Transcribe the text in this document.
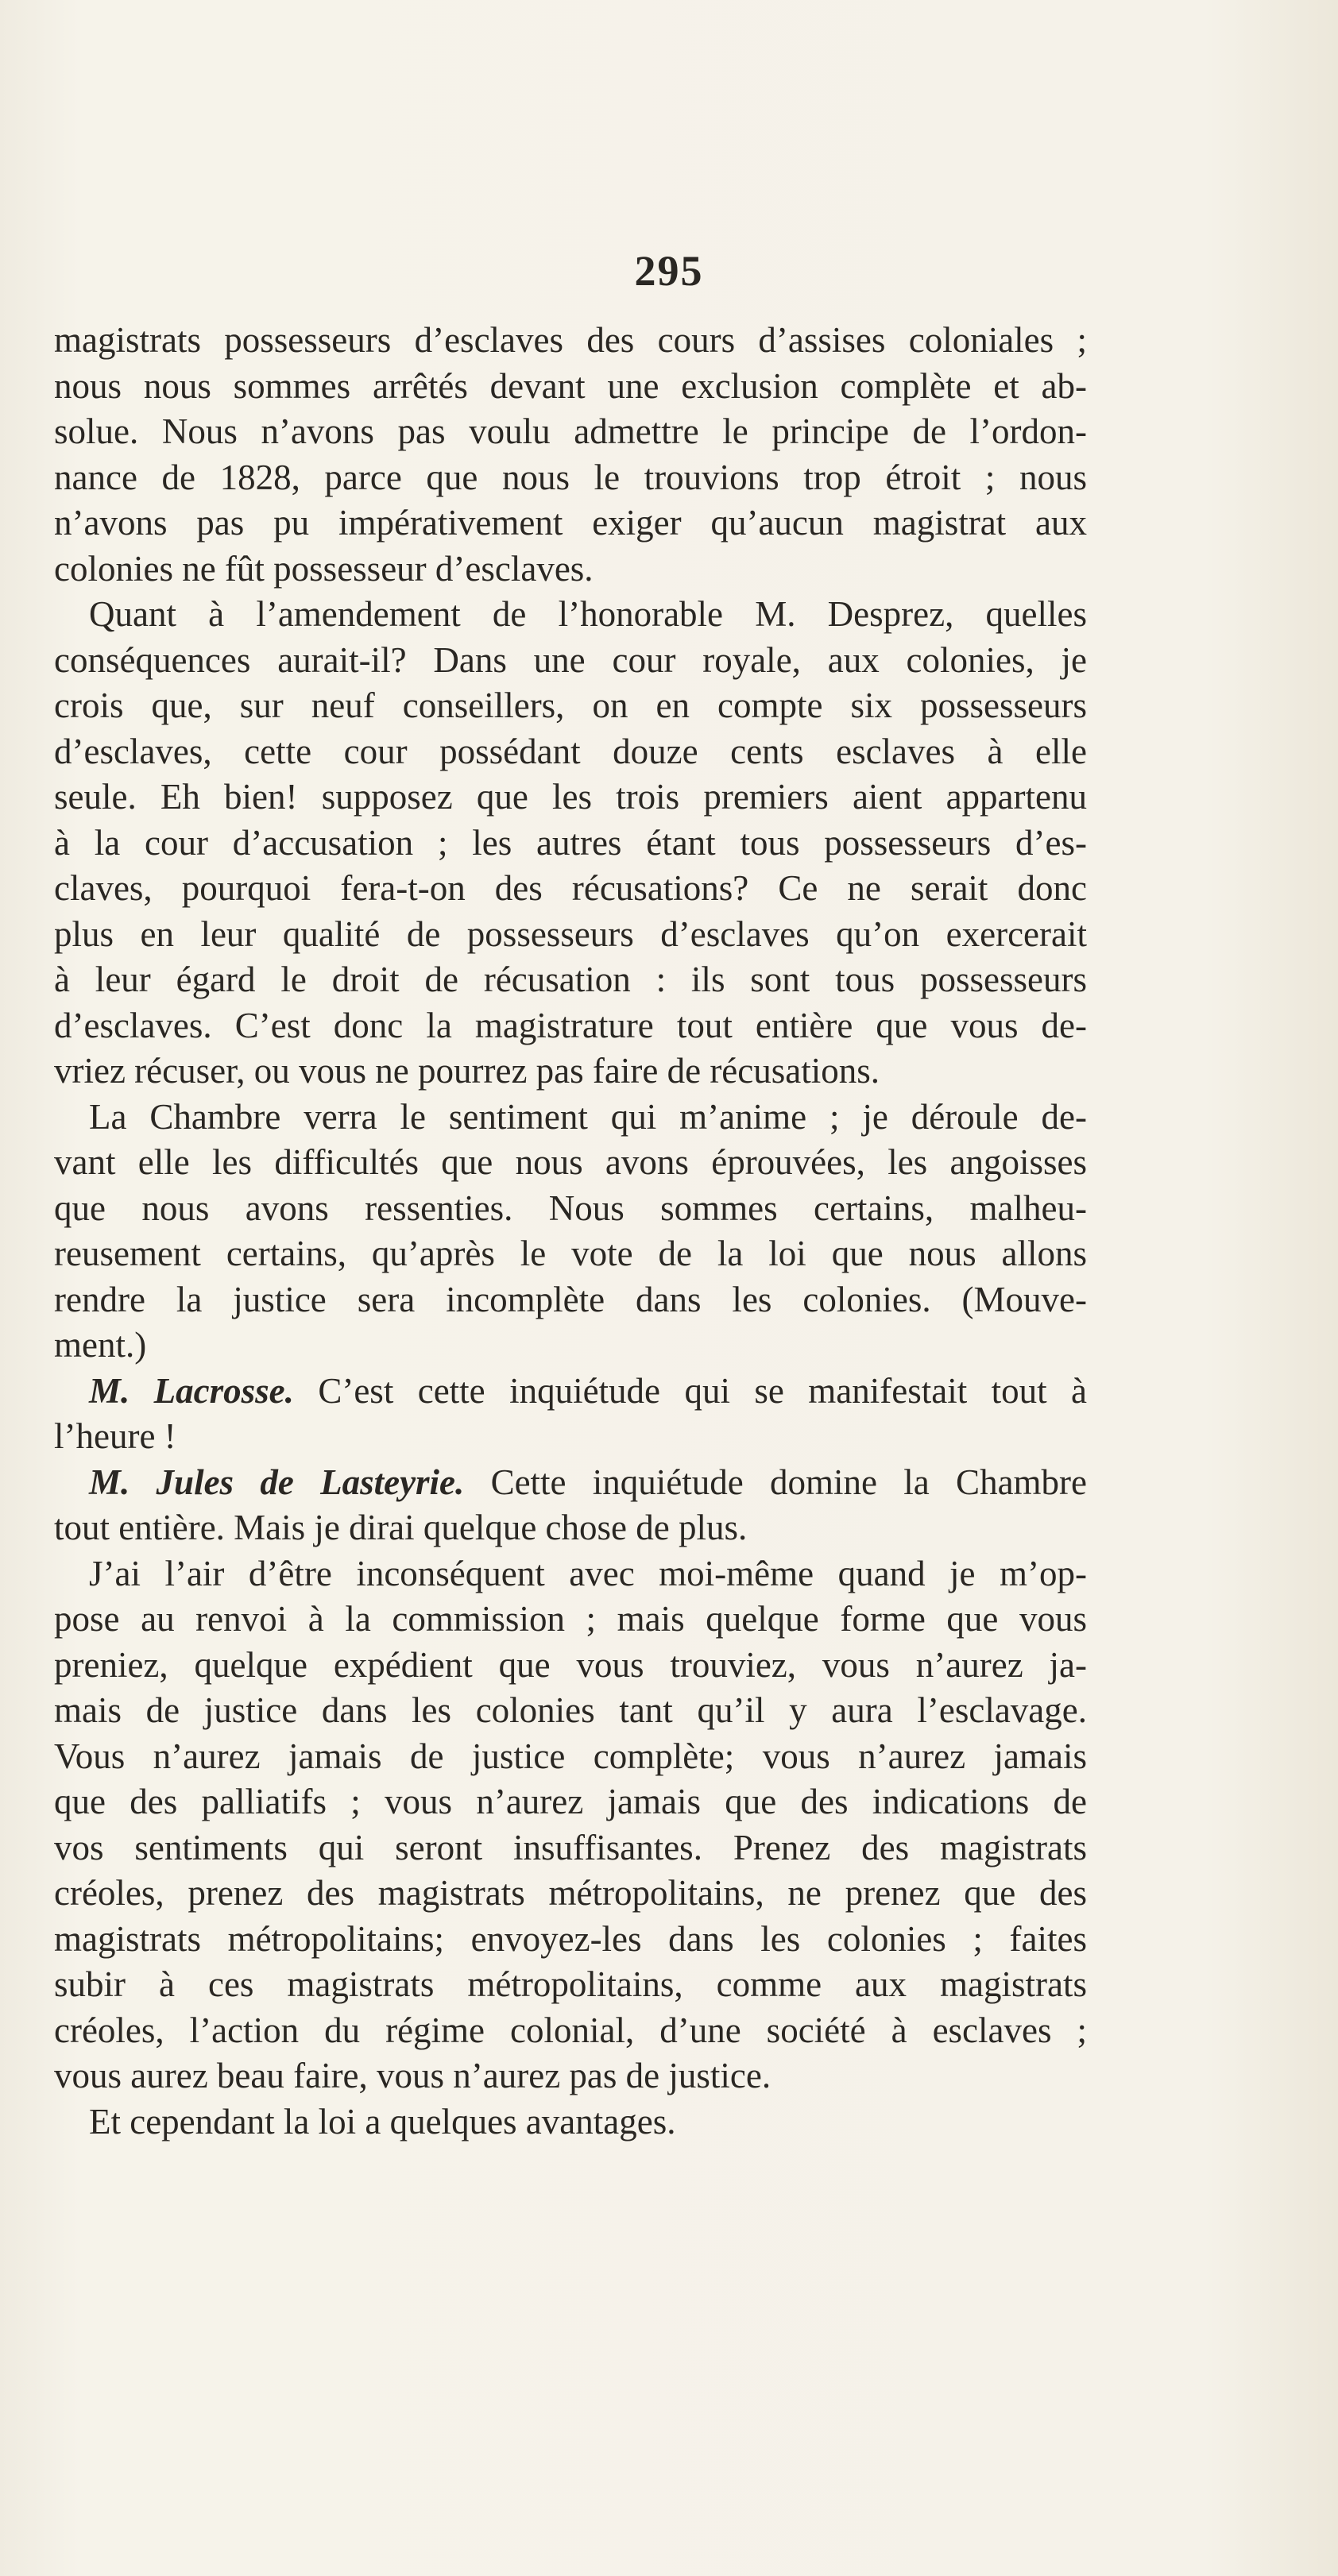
295
magistrats possesseurs d’esclaves des cours d’assises coloniales ;
nous nous sommes arrêtés devant une exclusion complète et ab-
solue. Nous n’avons pas voulu admettre le principe de l’ordon-
nance de 1828, parce que nous le trouvions trop étroit ; nous
n’avons pas pu impérativement exiger qu’aucun magistrat aux
colonies ne fût possesseur d’esclaves.
Quant à l’amendement de l’honorable M. Desprez, quelles
conséquences aurait-il? Dans une cour royale, aux colonies, je
crois que, sur neuf conseillers, on en compte six possesseurs
d’esclaves, cette cour possédant douze cents esclaves à elle
seule. Eh bien! supposez que les trois premiers aient appartenu
à la cour d’accusation ; les autres étant tous possesseurs d’es-
claves, pourquoi fera-t-on des récusations? Ce ne serait donc
plus en leur qualité de possesseurs d’esclaves qu’on exercerait
à leur égard le droit de récusation : ils sont tous possesseurs
d’esclaves. C’est donc la magistrature tout entière que vous de-
vriez récuser, ou vous ne pourrez pas faire de récusations.
La Chambre verra le sentiment qui m’anime ; je déroule de-
vant elle les difficultés que nous avons éprouvées, les angoisses
que nous avons ressenties. Nous sommes certains, malheu-
reusement certains, qu’après le vote de la loi que nous allons
rendre la justice sera incomplète dans les colonies. (Mouve-
ment.)
M. Lacrosse. C’est cette inquiétude qui se manifestait tout à
l’heure !
M. Jules de Lasteyrie. Cette inquiétude domine la Chambre
tout entière. Mais je dirai quelque chose de plus.
J’ai l’air d’être inconséquent avec moi-même quand je m’op-
pose au renvoi à la commission ; mais quelque forme que vous
preniez, quelque expédient que vous trouviez, vous n’aurez ja-
mais de justice dans les colonies tant qu’il y aura l’esclavage.
Vous n’aurez jamais de justice complète; vous n’aurez jamais
que des palliatifs ; vous n’aurez jamais que des indications de
vos sentiments qui seront insuffisantes. Prenez des magistrats
créoles, prenez des magistrats métropolitains, ne prenez que des
magistrats métropolitains; envoyez-les dans les colonies ; faites
subir à ces magistrats métropolitains, comme aux magistrats
créoles, l’action du régime colonial, d’une société à esclaves ;
vous aurez beau faire, vous n’aurez pas de justice.
Et cependant la loi a quelques avantages.
